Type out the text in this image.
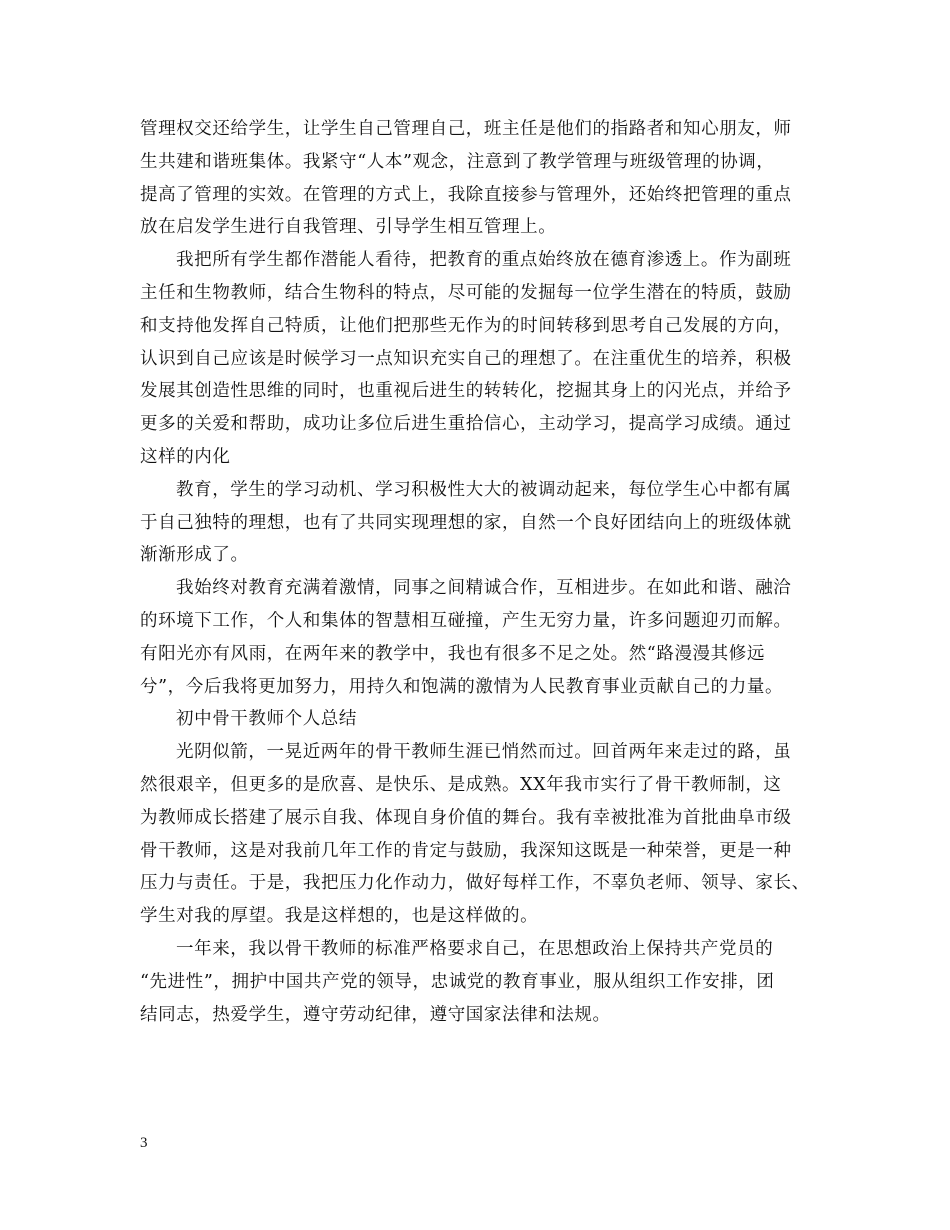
管理权交还给学生，让学生自己管理自己，班主任是他们的指路者和知心朋友，师
生共建和谐班集体。我紧守“人本”观念，注意到了教学管理与班级管理的协调，
提高了管理的实效。在管理的方式上，我除直接参与管理外，还始终把管理的重点
放在启发学生进行自我管理、引导学生相互管理上。
我把所有学生都作潜能人看待，把教育的重点始终放在德育渗透上。作为副班
主任和生物教师，结合生物科的特点，尽可能的发掘每一位学生潜在的特质，鼓励
和支持他发挥自己特质，让他们把那些无作为的时间转移到思考自己发展的方向，
认识到自己应该是时候学习一点知识充实自己的理想了。在注重优生的培养，积极
发展其创造性思维的同时，也重视后进生的转转化，挖掘其身上的闪光点，并给予
更多的关爱和帮助，成功让多位后进生重拾信心，主动学习，提高学习成绩。通过
这样的内化
教育，学生的学习动机、学习积极性大大的被调动起来，每位学生心中都有属
于自己独特的理想，也有了共同实现理想的家，自然一个良好团结向上的班级体就
渐渐形成了。
我始终对教育充满着激情，同事之间精诚合作，互相进步。在如此和谐、融洽
的环境下工作，个人和集体的智慧相互碰撞，产生无穷力量，许多问题迎刃而解。
有阳光亦有风雨，在两年来的教学中，我也有很多不足之处。然“路漫漫其修远
兮”，今后我将更加努力，用持久和饱满的激情为人民教育事业贡献自己的力量。
初中骨干教师个人总结
光阴似箭，一晃近两年的骨干教师生涯已悄然而过。回首两年来走过的路，虽
然很艰辛，但更多的是欣喜、是快乐、是成熟。XX年我市实行了骨干教师制，这
为教师成长搭建了展示自我、体现自身价值的舞台。我有幸被批准为首批曲阜市级
骨干教师，这是对我前几年工作的肯定与鼓励，我深知这既是一种荣誉，更是一种
压力与责任。于是，我把压力化作动力，做好每样工作，不辜负老师、领导、家长、
学生对我的厚望。我是这样想的，也是这样做的。
一年来，我以骨干教师的标准严格要求自己，在思想政治上保持共产党员的
“先进性”，拥护中国共产党的领导，忠诚党的教育事业，服从组织工作安排，团
结同志，热爱学生，遵守劳动纪律，遵守国家法律和法规。
3
